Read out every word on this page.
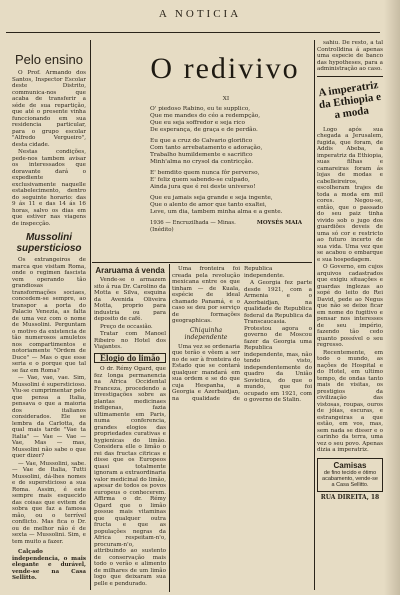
A NOTICIA
Pelo ensino

O Prof. Armando dos Santos, Inspector Escolar deste Distrito, communica-nos que acaba de transferir a séde de sua repartição, que até o presente vinha funccionando em sua residencia particular, para o grupo escolar "Alfredo Vergueiro", desta cidade.

Nestas condições, pede-nos tambem avisar os interessados que doravante dará o expediente exclusivamente naquelle estabelecimento, dentro do seguinte horario: das 9 ás 11 e das 14 ás 16 horas, salvo os dias em que estiver nas viagens de inspecção.

Mussolini supersticioso

Os extrangeiros de marca que visitam Roma, onde o regimen fascista vem operando tão grandiosas transformações sociaes, concedem-se sempre, ao transpor a porta do Palacio Venezia, as falta de uma vez com o nome de Mussolini. Perguntam o motivo da existencia de tão numerosos amuletos nos compartimentos e notoriamente "Ordem de Duce" — Mas o que esse seria e o porque que tal se faz em Roma?

— Vae, vae, vae. Sim, Mussolini é supersticioso. Viu-se cumprimentar pelo que pensa a Italia, pensava o que a maioria dos italianos considerados. Ele se lembra da Carlotta, da qual mais tarde "Vae ta Italia" — Vae — Vae — Vae, Mas — mas, Mussolini não sabe o que quer dizer?

— Vae, Mussolini, sabe. — Vae de Italia, Tutti Mussolini, dá-lhes nomes e de supersticioso a sua Roma. Assim, é este sempre mais esquecido das coisas que evitem de sobra que faz a famosa mão, ou o terrível conflicto. Mas fica o Dr. ou de melhor não é de sexta — Mussolini. Sim, e tem muito a fazer.

Calçado independencia, o mais elegante e durável, vende-se na Casa Sellitto.

O redivivo
XI
O' piedoso Rabino, eu te supplico,
Que me mandes do céo a redempção,
Que eu seja soffredor e seja rico
De esperança, de graça e de perdão.
Eu que a cruz do Calvario glorifico
Com tanto arrebatamento e adoração,
Trabalho humildemente e sacrifico
Minh'alma no crysol da contricção.
E' bemdito quem nunca fôr perverso,
E' feliz quem sabendo-se culpado,
Ainda jura que é rei deste universo!
Que eu jamais seja grande e seja ingente,
Que o alento de amor que tanto exaltei,
Leve, um dia, tambem minha alma e a gente.
1936 — Encruzilhada — Minas.	MOYSÉS MAIA
(Inédito)
Araruama á venda

Vende-se o armazem sito á rua Dr. Carolino da Motta e Silva, esquina da Avenida Oliveira Motta, proprio para industria ou para deposito de café.

Preço de occasião.

Tratar com Manoel Ribeiro no Hotel dos Viajantes.

Elogio do limão

O dr. Rémy Ogard, que fez longa permanencia na Africa Occidental Franceza, procedendo a investigações sobre as plantas medicinaes indigenas, fazia ultimamente em Paris, numa conferencia, grandes elogios das propriedades curativas e hygienicas do limão. Considera elle o limão o rei das fructas citricas e disse que os Europeos quasi totalmente ignoram a extraordinaria valor medicinal do limão, apesar de todos os povos europeus o conhecerem. Affirma o dr. Rémy Ogard que o limão possue mais vitaminas que qualquer outra fructa e que as populações negras da Africa respeitam-n'o, procuram-n'o, attribuindo ao sustento de conservação mais todo o verão e alimento de milhares de um limão logo que deixaram sua pelle e pendurado.

Uma fronteira foi creada pela revolução mexicana entre os que tinham — de Kuala, espécie de ideal chamado Panamá, e o caso se deu por serviço de formações geographicas.

Chiquinha independente

Uma vez se ordenaria que terão e vêem a ser no de ser à fronteira do Estado que se contará qualquer mandará em sua ordem e se do que cuja Hespanha, a Georgia e Azerbaidjan, na qualidade de Republica independente.

A Georgia fez parte desde 1921, com a Armenia e o Azerbaidjan, na qualidade de Republica federal da Republica da Transcaucasia. Protestou agora o governo de Moscou fazer da Georgia uma Republica independente, mas, não tendo visto, independentemente do quadro da União Sovietica, do que o mundo, que foi ocupado em 1921, com o governo de Stalin.

sahiu. De resto, a tal Controlldina á apenas uma especie de banco das hypotheses, para a administração ao caso.

A imperatriz da Ethiopia e a moda

Logo após sua chegada a Jerusalem, fugida, que foram, de Addis Abeba, a imperatriz da Ethiopia, suas filhas e camareiras foram ás lojas de modas e cabelleireiros, escolheram trajes de toda a moda em mil cores. Negou-se, então, que o passado do seu paiz tinha vivido sob o jugo dos guardiões deveis de uma só cor e restricto ao futuro incerto de sua vida. Uma vez que se acabou o embarque e sua hospedagem.

O Governo, em cujos arquivos cadastrados que exigiu situações e guardas inglezas ao sopé do leito do Rei David, pede ao Negus que não se deixe ficar em nome do fugitivo e pensar nos interesses de seu império, fazendo tão cedo quanto possível o seu regresso.

Recentemente, em todo o mundo, as nações de Hospital e do Hotel, em ultimo tempo, de ondas tanto mais de visitas, os prestigios da civilização das vistosas, roupas, ouros de jóias, escuras, e estrangeiras a que estão, em vos, mas, sem nada se disser e o carinho da terra, uma vez o seu povo. Apenas dizia a imperatriz.

Camisas
de fino tecido e ótimo acabamento, vende-se
a Casa Sellitto.
RUA DIREITA, 18
